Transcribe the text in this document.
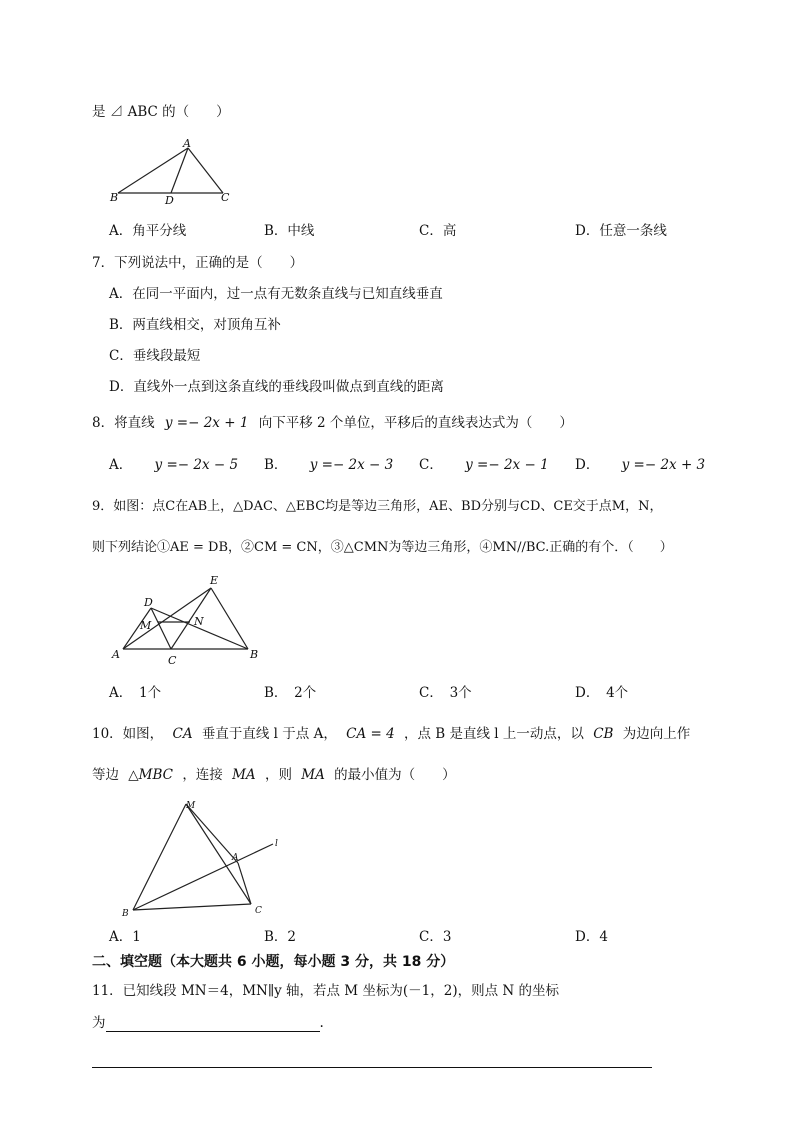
是 ⊿ ABC 的（　　）
A
B	D	C
A．角平分线	B．中线	C．高	D．任意一条线
7．下列说法中，正确的是（　　）
A．在同一平面内，过一点有无数条直线与已知直线垂直
B．两直线相交，对顶角互补
C．垂线段最短
D．直线外一点到这条直线的垂线段叫做点到直线的距离
8．将直线 y =− 2x + 1 向下平移 2 个单位，平移后的直线表达式为（　　）
A． y =− 2x − 5 B． y =− 2x − 3 C． y =− 2x − 1 D． y =− 2x + 3
9．如图：点C在AB上，△DAC、△EBC均是等边三角形，AE、BD分别与CD、CE交于点M，N，
则下列结论①AE = DB，②CM = CN，③△CMN为等边三角形，④MN//BC.正确的有个．（　　）
E
D
M	N
A	C	B
A．　1个	B．　2个	C．　3个	D．　4个
10．如图， CA 垂直于直线 l 于点 A， CA = 4 ，点 B 是直线 l 上一动点，以 CB 为边向上作
等边 △MBC ，连接 MA ，则 MA 的最小值为（　　）
M
A
B	C
l
A．1	B．2	C．3	D．4
二、填空题（本大题共 6 小题，每小题 3 分，共 18 分）
11．已知线段 MN＝4，MN∥y 轴，若点 M 坐标为(－1，2)，则点 N 的坐标
为	.
